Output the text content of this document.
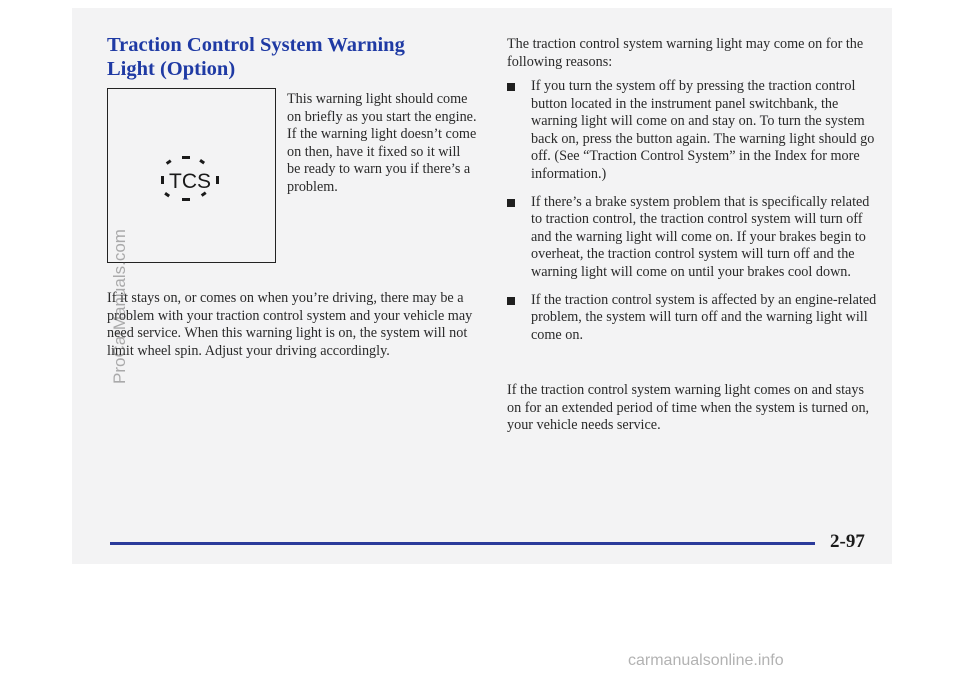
Traction Control System Warning
Light (Option)
TCS

This warning light should come on briefly as you start the engine. If the warning light doesn’t come on then, have it fixed so it will be ready to warn you if there’s a problem.

If it stays on, or comes on when you’re driving, there may be a problem with your traction control system and your vehicle may need service. When this warning light is on, the system will not limit wheel spin. Adjust your driving accordingly.

The traction control system warning light may come on for the following reasons:

If you turn the system off by pressing the traction control button located in the instrument panel switchbank, the warning light will come on and stay on. To turn the system back on, press the button again. The warning light should go off. (See “Traction Control System” in the Index for more information.)
If there’s a brake system problem that is specifically related to traction control, the traction control system will turn off and the warning light will come on. If your brakes begin to overheat, the traction control system will turn off and the warning light will come on until your brakes cool down.
If the traction control system is affected by an engine-related problem, the system will turn off and the warning light will come on.

If the traction control system warning light comes on and stays on for an extended period of time when the system is turned on, your vehicle needs service.

2-97
ProCarManuals.com
carmanualsonline.info
